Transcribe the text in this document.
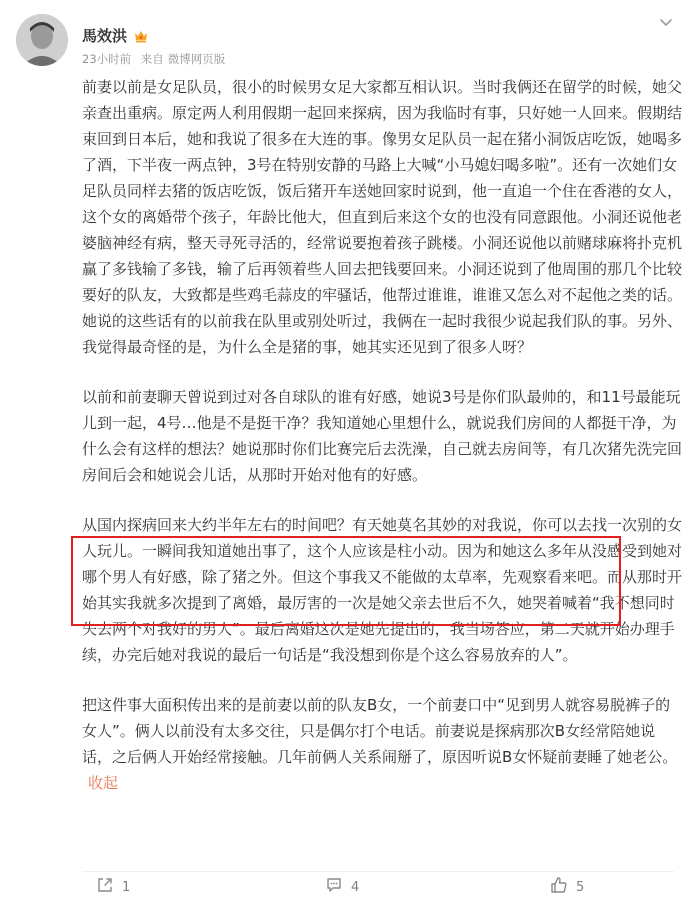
馬效洪
23小时前 来自 微博网页版

前妻以前是女足队员，很小的时候男女足大家都互相认识。当时我俩还在留学的时候，她父亲查出重病。原定两人利用假期一起回来探病，因为我临时有事，只好她一人回来。假期结束回到日本后，她和我说了很多在大连的事。像男女足队员一起在猪小洞饭店吃饭，她喝多了酒，下半夜一两点钟，3号在特别安静的马路上大喊“小马媳妇喝多啦”。还有一次她们女足队员同样去猪的饭店吃饭，饭后猪开车送她回家时说到，他一直追一个住在香港的女人，这个女的离婚带个孩子，年龄比他大，但直到后来这个女的也没有同意跟他。小洞还说他老婆脑神经有病，整天寻死寻活的，经常说要抱着孩子跳楼。小洞还说他以前赌球麻将扑克机赢了多钱输了多钱，输了后再领着些人回去把钱要回来。小洞还说到了他周围的那几个比较要好的队友，大致都是些鸡毛蒜皮的牢骚话，他帮过谁谁，谁谁又怎么对不起他之类的话。她说的这些话有的以前我在队里或别处听过，我俩在一起时我很少说起我们队的事。另外、我觉得最奇怪的是，为什么全是猪的事，她其实还见到了很多人呀？

以前和前妻聊天曾说到过对各自球队的谁有好感，她说3号是你们队最帅的，和11号最能玩儿到一起，4号…他是不是挺干净？我知道她心里想什么，就说我们房间的人都挺干净，为什么会有这样的想法？她说那时你们比赛完后去洗澡，自己就去房间等，有几次猪先洗完回房间后会和她说会儿话，从那时开始对他有的好感。

从国内探病回来大约半年左右的时间吧？有天她莫名其妙的对我说，你可以去找一次别的女人玩儿。一瞬间我知道她出事了，这个人应该是柱小动。因为和她这么多年从没感受到她对哪个男人有好感，除了猪之外。但这个事我又不能做的太草率，先观察看来吧。而从那时开始其实我就多次提到了离婚，最厉害的一次是她父亲去世后不久，她哭着喊着“我不想同时失去两个对我好的男人”。最后离婚这次是她先提出的，我当场答应，第二天就开始办理手续，办完后她对我说的最后一句话是“我没想到你是个这么容易放弃的人”。

把这件事大面积传出来的是前妻以前的队友B女，一个前妻口中“见到男人就容易脱裤子的女人”。俩人以前没有太多交往，只是偶尔打个电话。前妻说是探病那次B女经常陪她说话，之后俩人开始经常接触。几年前俩人关系闹掰了，原因听说B女怀疑前妻睡了她老公。收起

1	4	5
